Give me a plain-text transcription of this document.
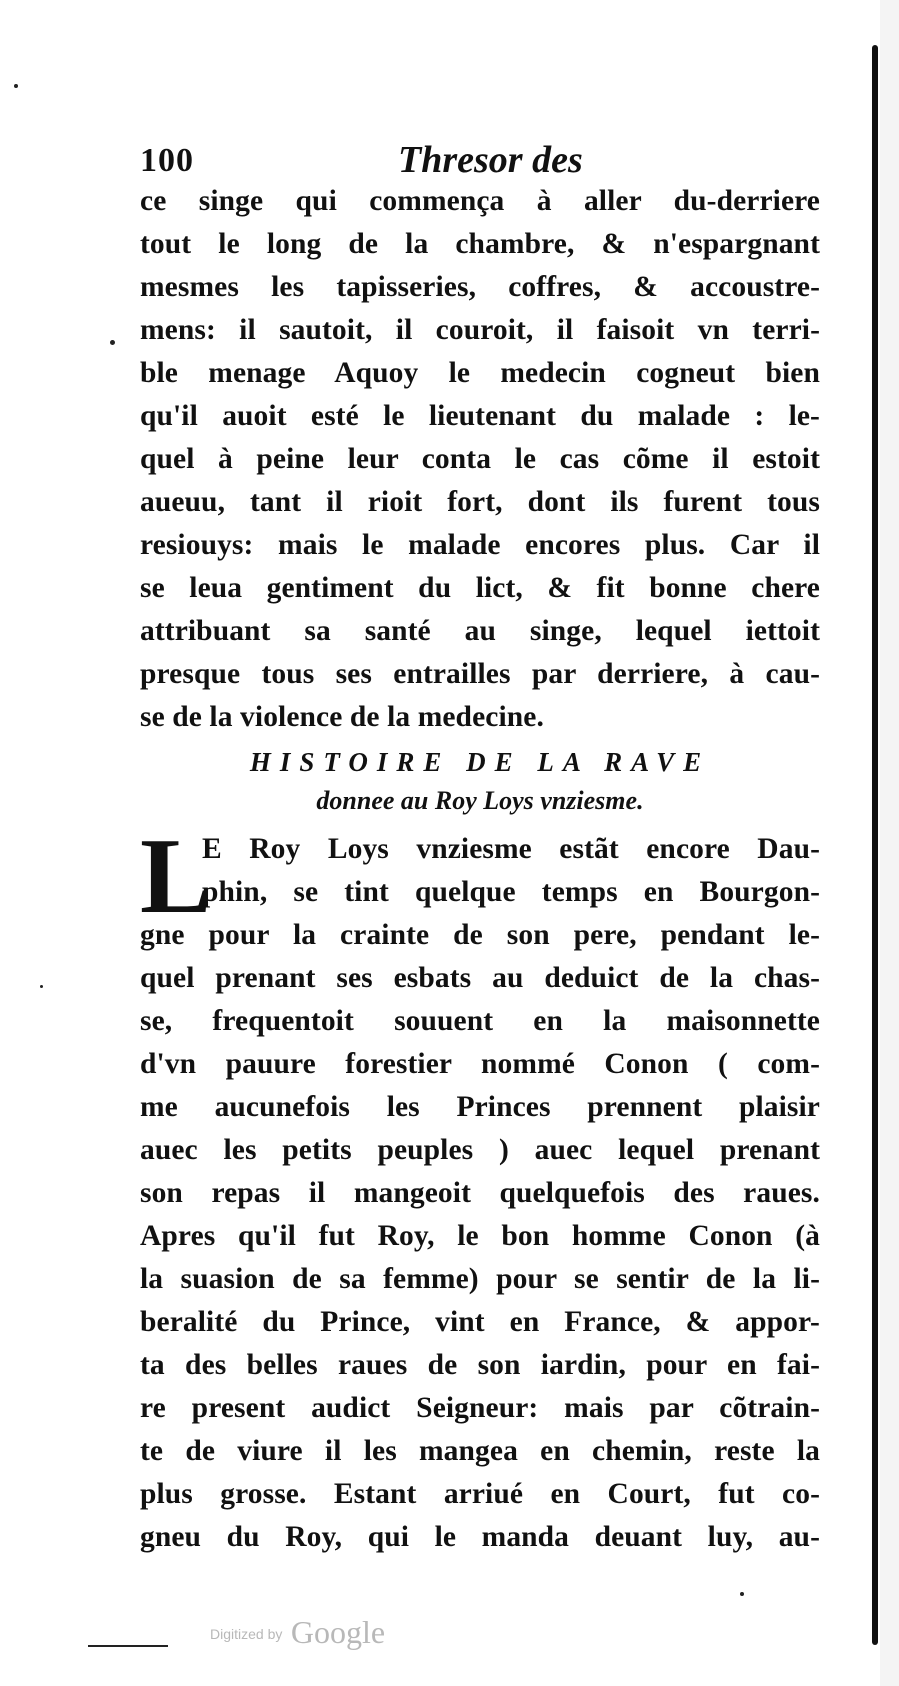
100	Thresor des
ce singe qui commença à aller du-derriere
tout le long de la chambre, & n'espargnant
mesmes les tapisseries, coffres, & accoustre-
mens: il sautoit, il couroit, il faisoit vn terri-
ble menage Aquoy le medecin cogneut bien
qu'il auoit esté le lieutenant du malade : le-
quel à peine leur conta le cas cõme il estoit
aueuu, tant il rioit fort, dont ils furent tous
resiouys: mais le malade encores plus. Car il
se leua gentiment du lict, & fit bonne chere
attribuant sa santé au singe, lequel iettoit
presque tous ses entrailles par derriere, à cau-
se de la violence de la medecine.
HISTOIRE DE LA RAVE
donnee au Roy Loys vnziesme.
L
E Roy Loys vnziesme estãt encore Dau-
phin, se tint quelque temps en Bourgon-
gne pour la crainte de son pere, pendant le-
quel prenant ses esbats au deduict de la chas-
se, frequentoit souuent en la maisonnette
d'vn pauure forestier nommé Conon ( com-
me aucunefois les Princes prennent plaisir
auec les petits peuples ) auec lequel prenant
son repas il mangeoit quelquefois des raues.
Apres qu'il fut Roy, le bon homme Conon (à
la suasion de sa femme) pour se sentir de la li-
beralité du Prince, vint en France, & appor-
ta des belles raues de son iardin, pour en fai-
re present audict Seigneur: mais par cõtrain-
te de viure il les mangea en chemin, reste la
plus grosse. Estant arriué en Court, fut co-
gneu du Roy, qui le manda deuant luy, au-
Digitized by Google
